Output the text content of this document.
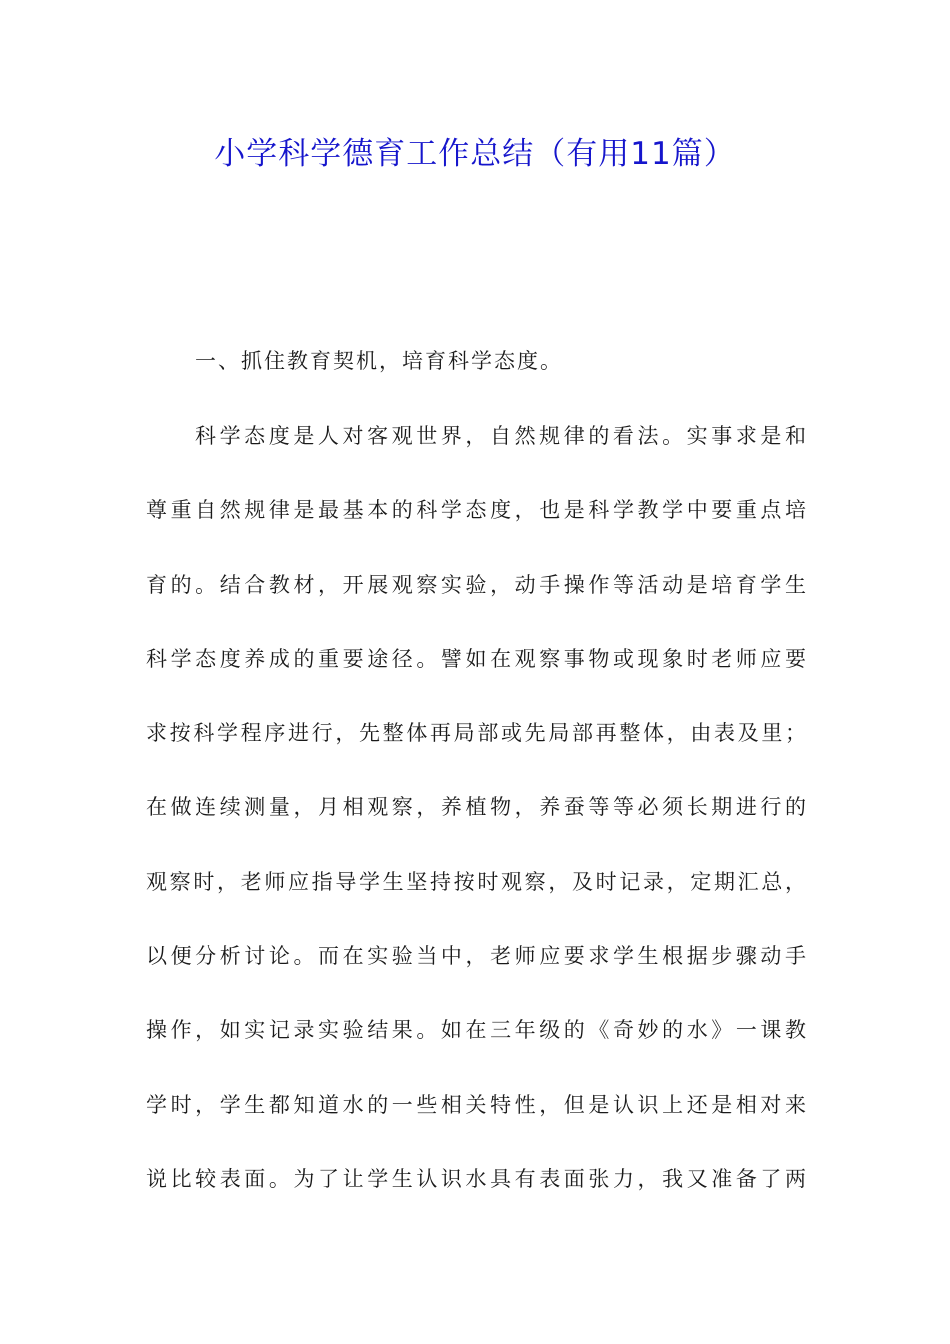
小学科学德育工作总结（有用11篇）
一、抓住教育契机，培育科学态度。
科学态度是人对客观世界，自然规律的看法。实事求是和
尊重自然规律是最基本的科学态度，也是科学教学中要重点培
育的。结合教材，开展观察实验，动手操作等活动是培育学生
科学态度养成的重要途径。譬如在观察事物或现象时老师应要
求按科学程序进行，先整体再局部或先局部再整体，由表及里；
在做连续测量，月相观察，养植物，养蚕等等必须长期进行的
观察时，老师应指导学生坚持按时观察，及时记录，定期汇总，
以便分析讨论。而在实验当中，老师应要求学生根据步骤动手
操作，如实记录实验结果。如在三年级的《奇妙的水》一课教
学时，学生都知道水的一些相关特性，但是认识上还是相对来
说比较表面。为了让学生认识水具有表面张力，我又准备了两
